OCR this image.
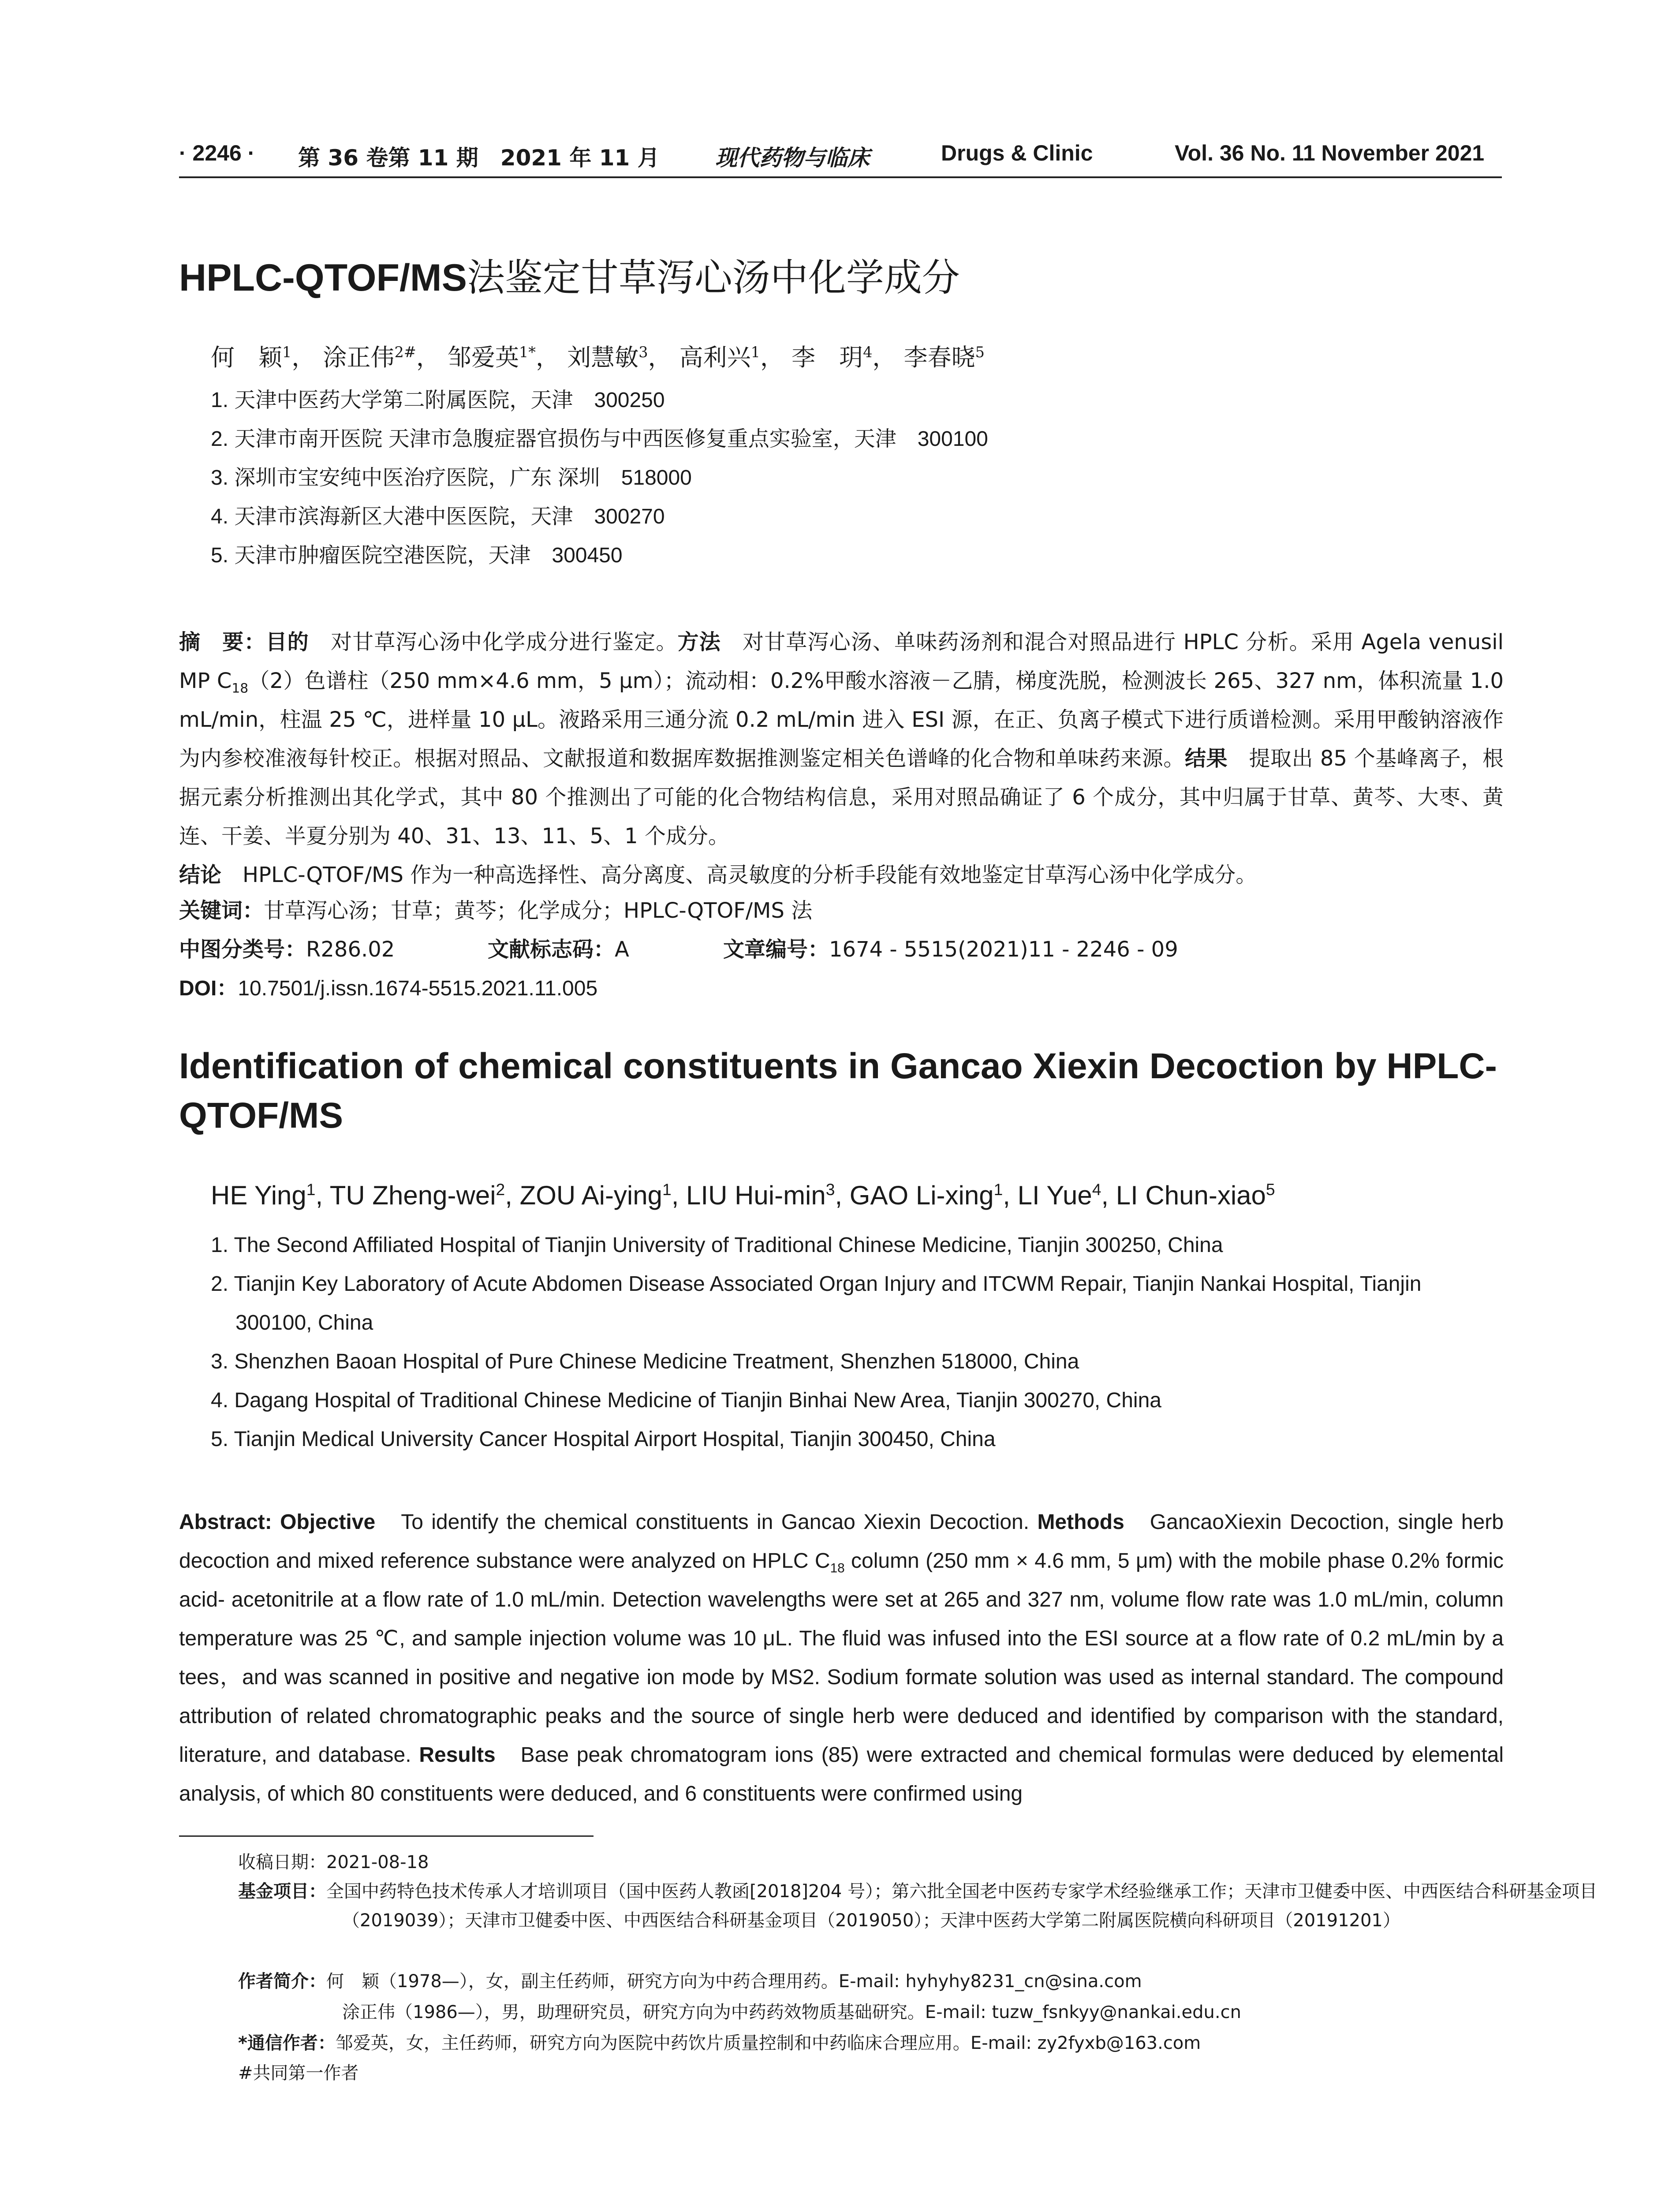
· 2246 · 第 36 卷第 11 期　2021 年 11 月	现代药物与临床	Drugs & Clinic	Vol. 36 No. 11 November 2021
HPLC-QTOF/MS法鉴定甘草泻心汤中化学成分
何　颖$^1$， 涂正伟$^{2\#}$， 邹爱英$^{1*}$， 刘慧敏$^3$， 高利兴$^1$， 李　玥$^4$， 李春晓$^5$
1. 天津中医药大学第二附属医院，天津　300250
2. 天津市南开医院 天津市急腹症器官损伤与中西医修复重点实验室，天津　300100
3. 深圳市宝安纯中医治疗医院，广东 深圳　518000
4. 天津市滨海新区大港中医医院，天津　300270
5. 天津市肿瘤医院空港医院，天津　300450
摘　要：目的　对甘草泻心汤中化学成分进行鉴定。方法　对甘草泻心汤、单味药汤剂和混合对照品进行 HPLC 分析。采用 Agela venusil MP $C_{18}(2)$色谱柱（250 mm×4.6 mm，5 μm）；流动相：0.2%甲酸水溶液－乙腈，梯度洗脱，检测波长 265、327 nm，体积流量 1.0 mL/min，柱温 25 ℃，进样量 10 μL。液路采用三通分流 0.2 mL/min 进入 ESI 源，在正、负离子模式下进行质谱检测。采用甲酸钠溶液作为内参校准液每针校正。根据对照品、文献报道和数据库数据推测鉴定相关色谱峰的化合物和单味药来源。结果　提取出 85 个基峰离子，根据元素分析推测出其化学式，其中 80 个推测出了可能的化合物结构信息，采用对照品确证了 6 个成分，其中归属于甘草、黄芩、大枣、黄连、干姜、半夏分别为 40、31、13、11、5、1 个成分。
结论　HPLC-QTOF/MS 作为一种高选择性、高分离度、高灵敏度的分析手段能有效地鉴定甘草泻心汤中化学成分。
关键词：甘草泻心汤；甘草；黄芩；化学成分；HPLC-QTOF/MS 法
中图分类号：R286.02	文献标志码：A	文章编号：1674 - 5515(2021)11 - 2246 - 09
DOI：10.7501/j.issn.1674-5515.2021.11.005
Identification of chemical constituents in Gancao Xiexin Decoction by HPLC-QTOF/MS
HE Ying$^1$, TU Zheng-wei$^2$, ZOU Ai-ying$^1$, LIU Hui-$\min^3$, GAO Li-xing$^1$, LI Yue$^4$, LI Chun-xiao$^5$
1. The Second Affiliated Hospital of Tianjin University of Traditional Chinese Medicine, Tianjin 300250, China
2. Tianjin Key Laboratory of Acute Abdomen Disease Associated Organ Injury and ITCWM Repair, Tianjin Nankai Hospital, Tianjin 300100, China
3. Shenzhen Baoan Hospital of Pure Chinese Medicine Treatment, Shenzhen 518000, China
4. Dagang Hospital of Traditional Chinese Medicine of Tianjin Binhai New Area, Tianjin 300270, China
5. Tianjin Medical University Cancer Hospital Airport Hospital, Tianjin 300450, China
Abstract: Objective　To identify the chemical constituents in Gancao Xiexin Decoction. Methods　GancaoXiexin Decoction, single herb decoction and mixed reference substance were analyzed on HPLC $C_{18}$ column (250 mm × 4.6 mm, 5 μm) with the mobile phase 0.2% formic acid- acetonitrile at a flow rate of 1.0 mL/min. Detection wavelengths were set at 265 and 327 nm, volume flow rate was 1.0 mL/min, column temperature was 25 ℃, and sample injection volume was 10 μL. The fluid was infused into the ESI source at a flow rate of 0.2 mL/min by a tees，and was scanned in positive and negative ion mode by MS2. Sodium formate solution was used as internal standard. The compound attribution of related chromatographic peaks and the source of single herb were deduced and identified by comparison with the standard, literature, and database. Results　Base peak chromatogram ions (85) were extracted and chemical formulas were deduced by elemental analysis, of which 80 constituents were deduced, and 6 constituents were confirmed using
收稿日期：2021-08-18
基金项目：全国中药特色技术传承人才培训项目（国中医药人教函[2018]204 号）；第六批全国老中医药专家学术经验继承工作；天津市卫健委中医、中西医结合科研基金项目（2019039）；天津市卫健委中医、中西医结合科研基金项目（2019050）；天津中医药大学第二附属医院横向科研项目（20191201）
作者简介：何　颖（1978—），女，副主任药师，研究方向为中药合理用药。E-mail: hyhyhy8231_cn@sina.com
涂正伟（1986—），男，助理研究员，研究方向为中药药效物质基础研究。E-mail: tuzw_fsnkyy@nankai.edu.cn
*通信作者：邹爱英，女，主任药师，研究方向为医院中药饮片质量控制和中药临床合理应用。E-mail: zy2fyxb@163.com
#共同第一作者
